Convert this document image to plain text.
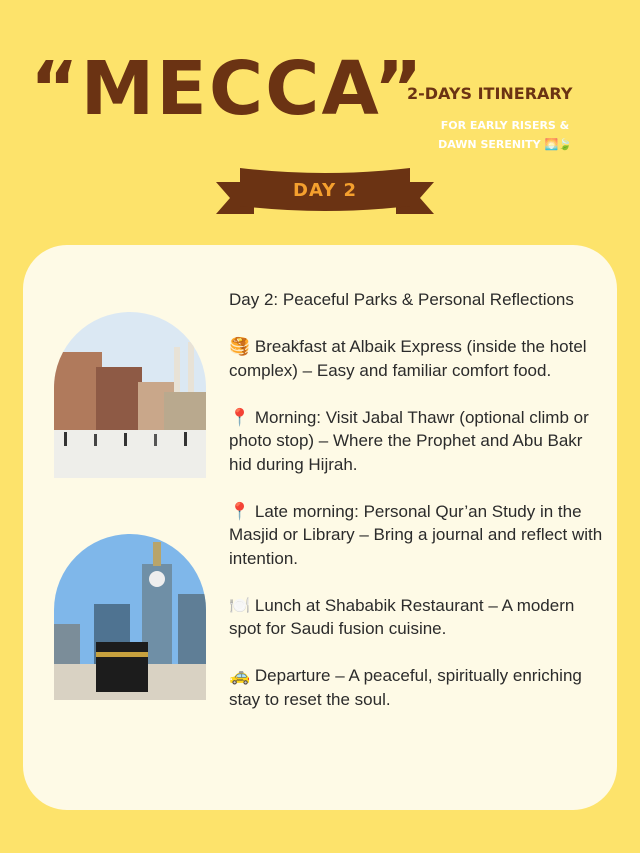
“MECCA”
2-DAYS ITINERARY
FOR EARLY RISERS &
DAWN SERENITY 🌅🍃
DAY 2

Day 2: Peaceful Parks & Personal Reflections

🥞 Breakfast at Albaik Express (inside the hotel complex) – Easy and familiar comfort food.

📍 Morning: Visit Jabal Thawr (optional climb or photo stop) – Where the Prophet and Abu Bakr hid during Hijrah.

📍 Late morning: Personal Qur’an Study in the Masjid or Library – Bring a journal and reflect with intention.

🍽️ Lunch at Shababik Restaurant – A modern spot for Saudi fusion cuisine.

🚕 Departure – A peaceful, spiritually enriching stay to reset the soul.
